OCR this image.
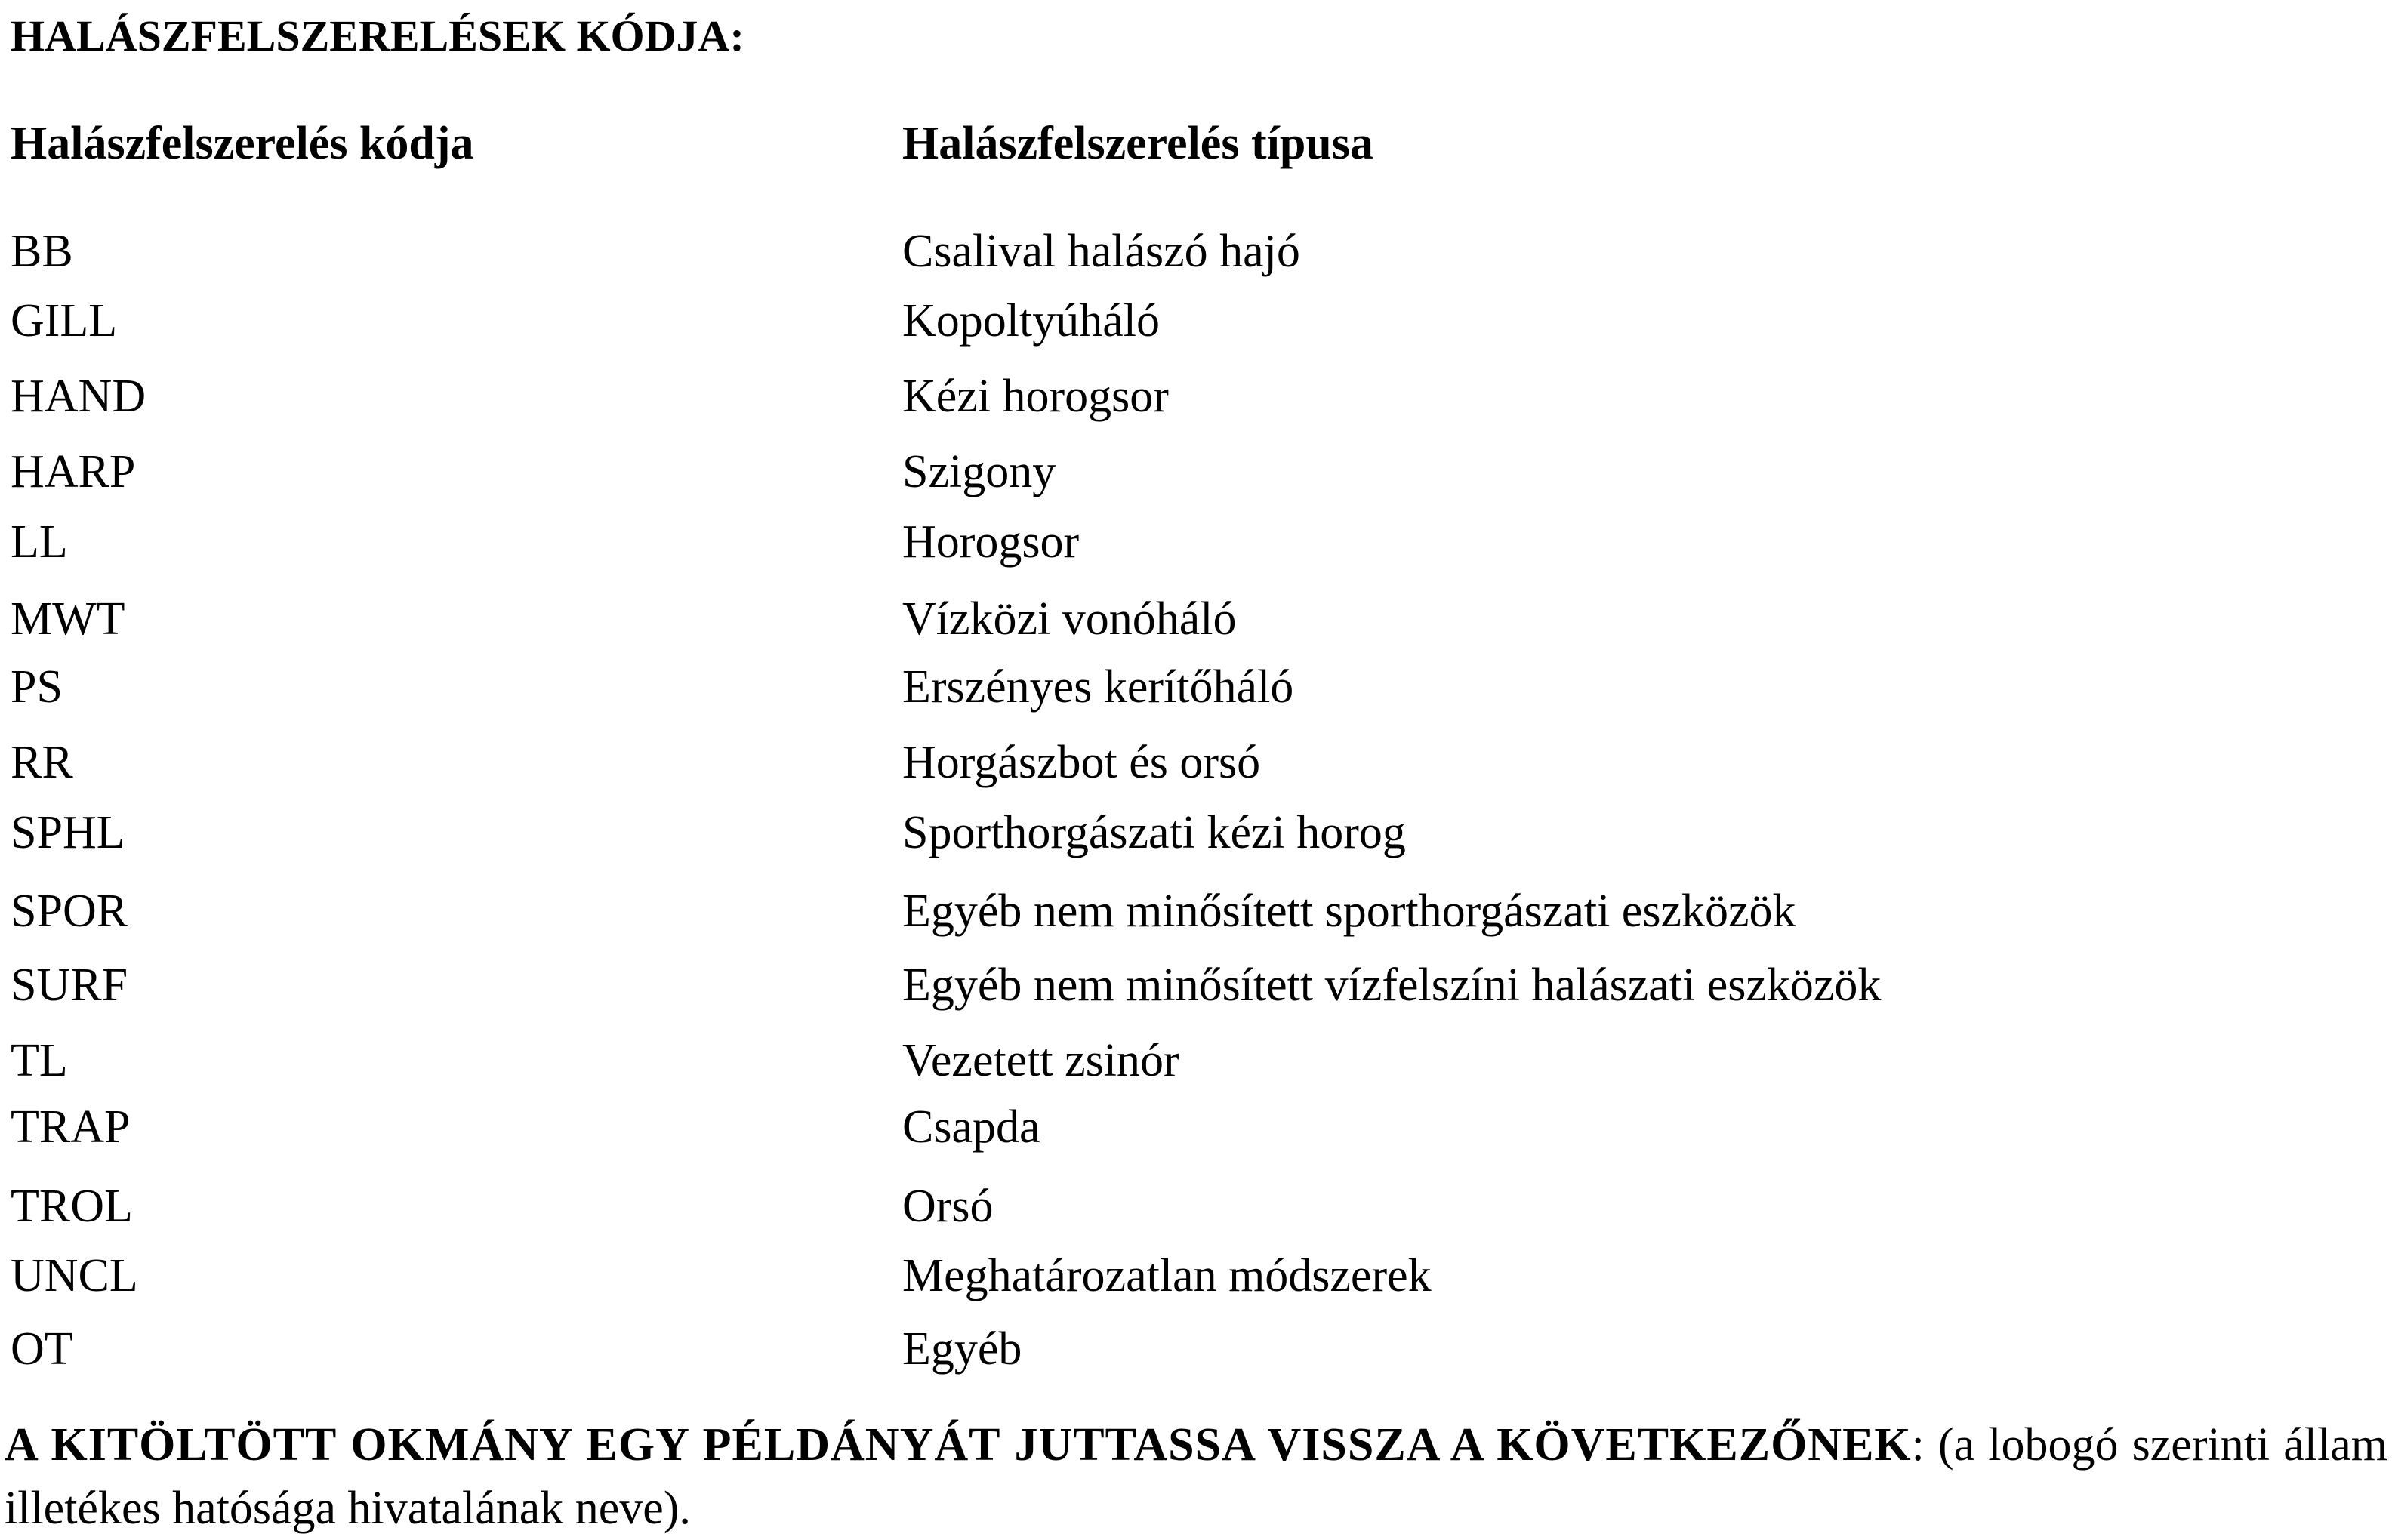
HALÁSZFELSZERELÉSEK KÓDJA:
Halászfelszerelés kódja	Halászfelszerelés típusa
BB	Csalival halászó hajó
GILL	Kopoltyúháló
HAND	Kézi horogsor
HARP	Szigony
LL	Horogsor
MWT	Vízközi vonóháló
PS	Erszényes kerítőháló
RR	Horgászbot és orsó
SPHL	Sporthorgászati kézi horog
SPOR	Egyéb nem minősített sporthorgászati eszközök
SURF	Egyéb nem minősített vízfelszíni halászati eszközök
TL	Vezetett zsinór
TRAP	Csapda
TROL	Orsó
UNCL	Meghatározatlan módszerek
OT	Egyéb
A KITÖLTÖTT OKMÁNY EGY PÉLDÁNYÁT JUTTASSA VISSZA A KÖVETKEZŐNEK: (a lobogó szerinti állam illetékes hatósága hivatalának neve).
